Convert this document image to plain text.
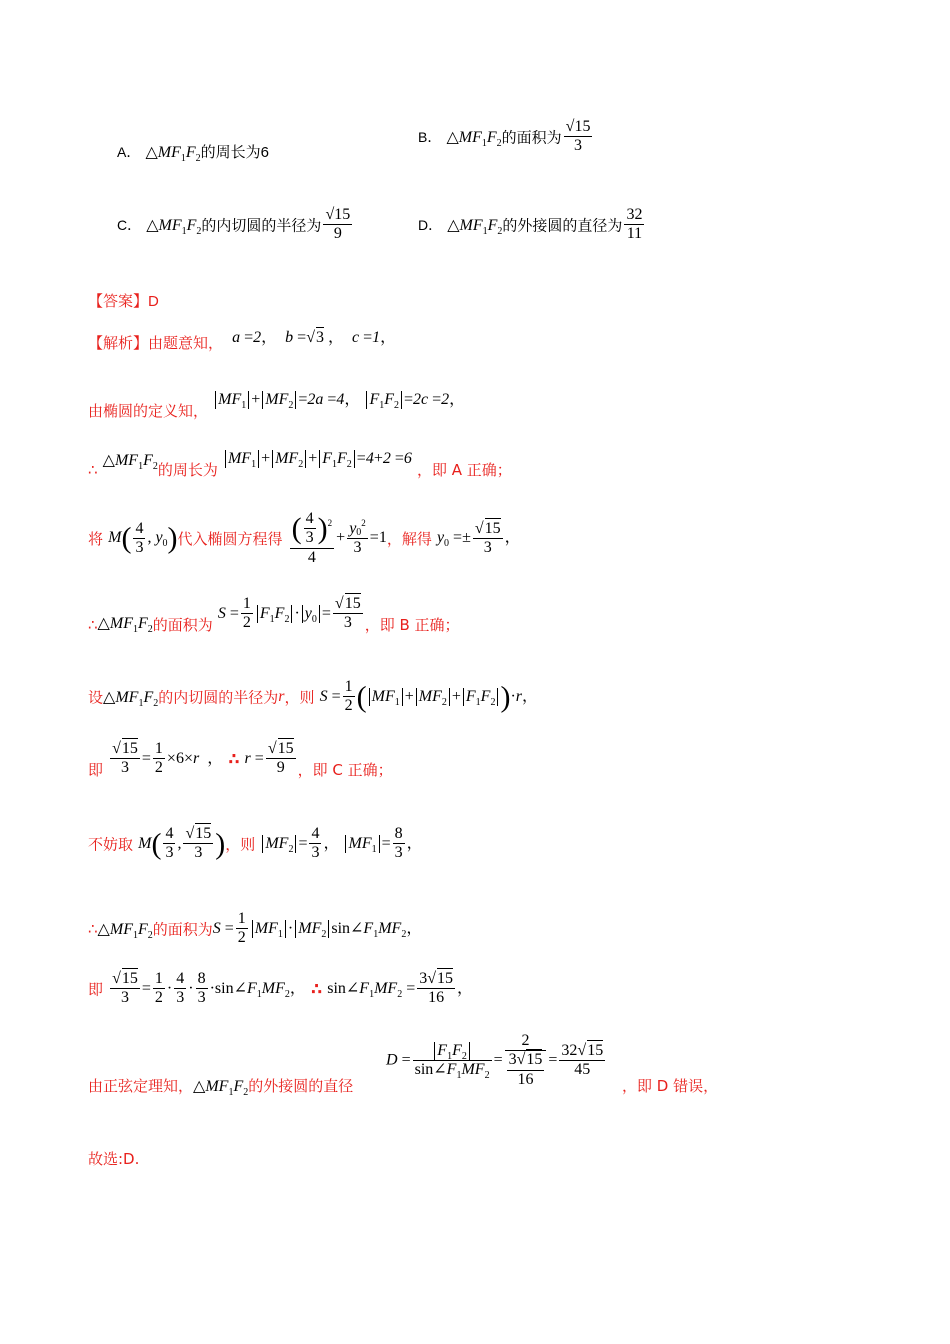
A． $\triangle MF_1F_2$的周长为6
B． $\triangle MF_1F_2$的面积为 $\frac{√15}{3}$
C． $\triangle MF_1F_2$的内切圆的半径为 $\frac{√15}{9}$	D． $\triangle MF_1F_2$的外接圆的直径为 $\frac{32}{11}$
【答案】D
【解析】由题意知，  a =2，  b =√3 ，  c =1，
由椭圆的定义知， $MF_1 + MF_2 =2a =4$， $F_1F_2 =2c =2$，
∴ $\triangle MF_1F_2$的周长为 $MF_1 + MF_2 + F_1F_2 =4+2 =6$ ，即 A 正确；
将 $M( \frac{4}{3}$ , $y_0$)代入椭圆方程得 $\frac{( \frac{4}{3} )^2}{4} + \frac{y0^2}{3} =1$，解得 $y_0 =\pm \frac{√15}{3}$ ，
$\therefore\triangle MF_1F_2$的面积为 $S = \frac{1}{2} F_1F_2 \cdot y_0 = \frac{√15}{3}$ ，即 B 正确；
设$\triangle MF_1F_2$的内切圆的半径为r，则 $S = \frac{1}{2}$ ( $MF_1 + MF_2 + F_1F_2$ )·r，
即 $\frac{√15}{3} = \frac{1}{2} \times 6\times r$ ， ∴ $r = \frac{√15}{9}$ ，即 C 正确；
不妨取 $M( \frac{4}{3}$ , $\frac{√15}{3}$ )，则 $MF_2 = \frac{4}{3}$ ， $MF_1 = \frac{8}{3}$ ，
$\therefore\triangle MF_1F_2$的面积为$S = \frac{1}{2} MF_1 \cdot MF_2$ $\sin\angle F_1MF_2$，
即 $\frac{√15}{3} = \frac{1}{2} \cdot \frac{4}{3} \cdot \frac{8}{3}$ $\cdot\sin\angle F_1MF_2$， ∴ $\sin\angle F_1MF_2 = \frac{3√15}{16}$ ，
由正弦定理知，$\triangle MF_1F_2$的外接圆的直径
$D = \frac{F_1F_2}{\sin\angle F_1MF_2} = \frac{2}{\frac{3√15}{16}} = \frac{32√15}{45}$
，即 D 错误，
故选:D.
